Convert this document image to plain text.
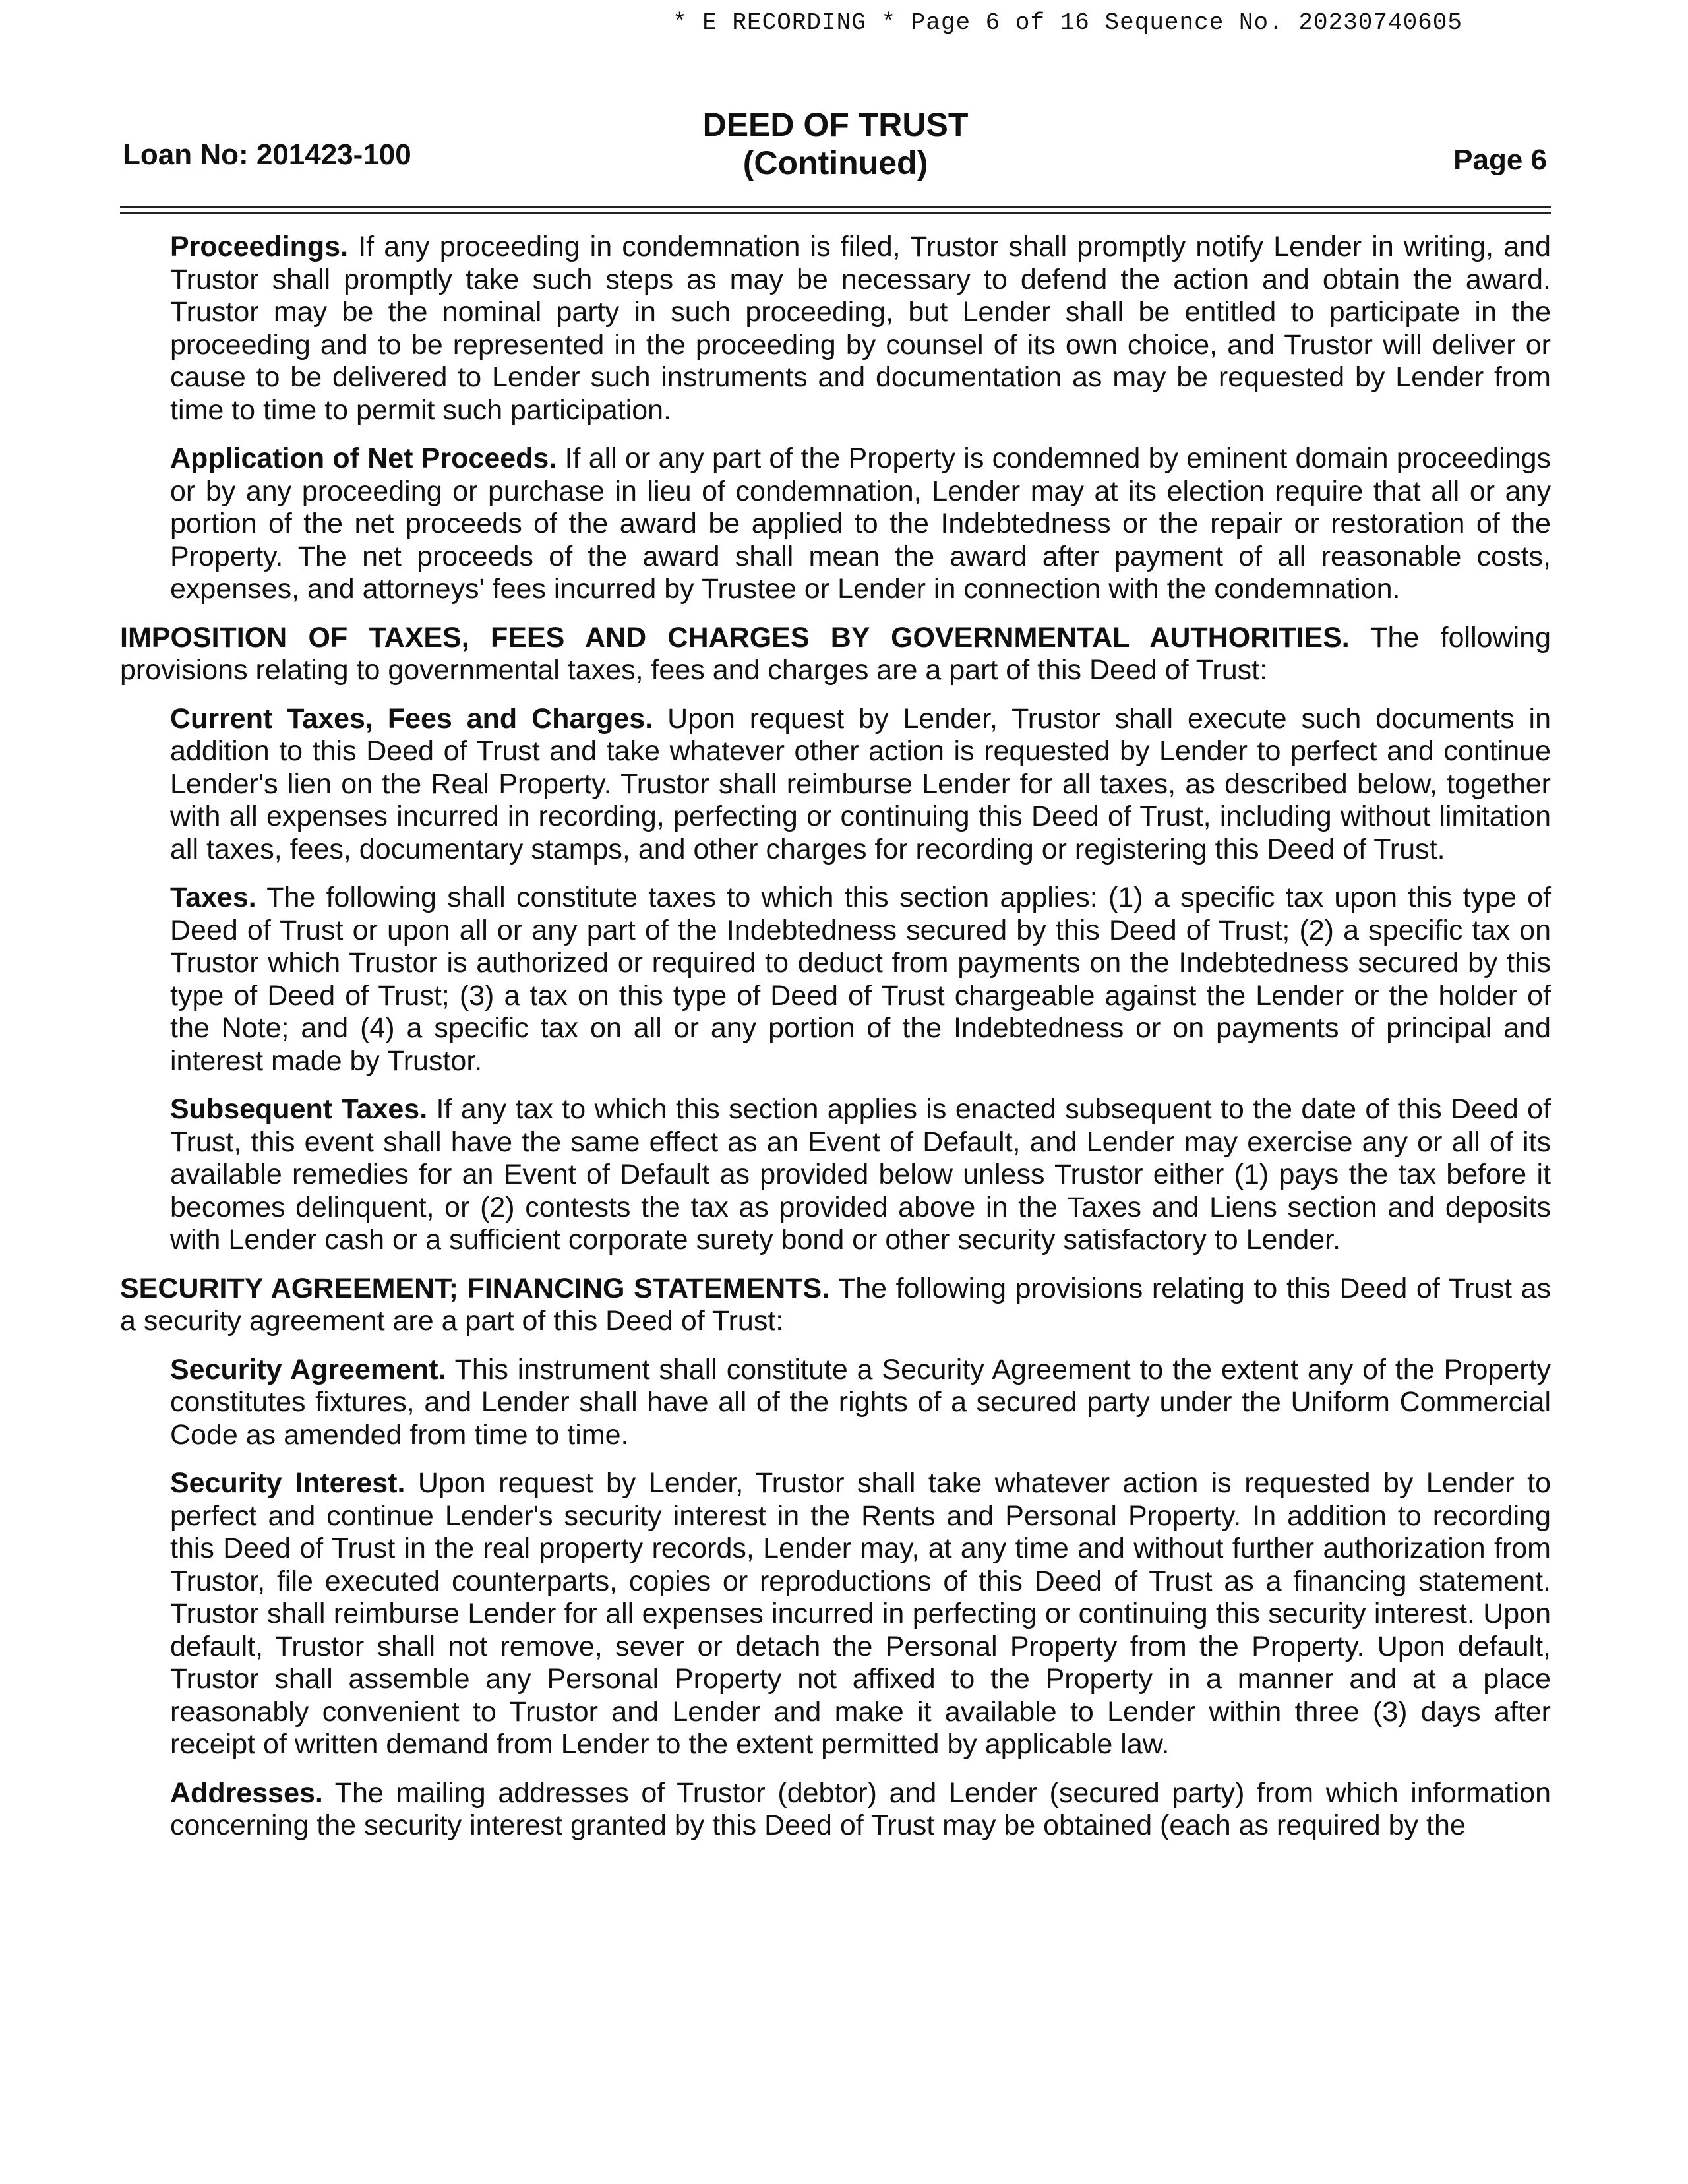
* E RECORDING * Page 6 of 16 Sequence No. 20230740605
Loan No: 201423-100
DEED OF TRUST
(Continued)	Page 6

Proceedings. If any proceeding in condemnation is filed, Trustor shall promptly notify Lender in writing, and Trustor shall promptly take such steps as may be necessary to defend the action and obtain the award. Trustor may be the nominal party in such proceeding, but Lender shall be entitled to participate in the proceeding and to be represented in the proceeding by counsel of its own choice, and Trustor will deliver or cause to be delivered to Lender such instruments and documentation as may be requested by Lender from time to time to permit such participation.

Application of Net Proceeds. If all or any part of the Property is condemned by eminent domain proceedings or by any proceeding or purchase in lieu of condemnation, Lender may at its election require that all or any portion of the net proceeds of the award be applied to the Indebtedness or the repair or restoration of the Property. The net proceeds of the award shall mean the award after payment of all reasonable costs, expenses, and attorneys' fees incurred by Trustee or Lender in connection with the condemnation.

IMPOSITION OF TAXES, FEES AND CHARGES BY GOVERNMENTAL AUTHORITIES. The following provisions relating to governmental taxes, fees and charges are a part of this Deed of Trust:

Current Taxes, Fees and Charges. Upon request by Lender, Trustor shall execute such documents in addition to this Deed of Trust and take whatever other action is requested by Lender to perfect and continue Lender's lien on the Real Property. Trustor shall reimburse Lender for all taxes, as described below, together with all expenses incurred in recording, perfecting or continuing this Deed of Trust, including without limitation all taxes, fees, documentary stamps, and other charges for recording or registering this Deed of Trust.

Taxes. The following shall constitute taxes to which this section applies: (1) a specific tax upon this type of Deed of Trust or upon all or any part of the Indebtedness secured by this Deed of Trust; (2) a specific tax on Trustor which Trustor is authorized or required to deduct from payments on the Indebtedness secured by this type of Deed of Trust; (3) a tax on this type of Deed of Trust chargeable against the Lender or the holder of the Note; and (4) a specific tax on all or any portion of the Indebtedness or on payments of principal and interest made by Trustor.

Subsequent Taxes. If any tax to which this section applies is enacted subsequent to the date of this Deed of Trust, this event shall have the same effect as an Event of Default, and Lender may exercise any or all of its available remedies for an Event of Default as provided below unless Trustor either (1) pays the tax before it becomes delinquent, or (2) contests the tax as provided above in the Taxes and Liens section and deposits with Lender cash or a sufficient corporate surety bond or other security satisfactory to Lender.

SECURITY AGREEMENT; FINANCING STATEMENTS. The following provisions relating to this Deed of Trust as a security agreement are a part of this Deed of Trust:

Security Agreement. This instrument shall constitute a Security Agreement to the extent any of the Property constitutes fixtures, and Lender shall have all of the rights of a secured party under the Uniform Commercial Code as amended from time to time.

Security Interest. Upon request by Lender, Trustor shall take whatever action is requested by Lender to perfect and continue Lender's security interest in the Rents and Personal Property. In addition to recording this Deed of Trust in the real property records, Lender may, at any time and without further authorization from Trustor, file executed counterparts, copies or reproductions of this Deed of Trust as a financing statement. Trustor shall reimburse Lender for all expenses incurred in perfecting or continuing this security interest. Upon default, Trustor shall not remove, sever or detach the Personal Property from the Property. Upon default, Trustor shall assemble any Personal Property not affixed to the Property in a manner and at a place reasonably convenient to Trustor and Lender and make it available to Lender within three (3) days after receipt of written demand from Lender to the extent permitted by applicable law.

Addresses. The mailing addresses of Trustor (debtor) and Lender (secured party) from which information concerning the security interest granted by this Deed of Trust may be obtained (each as required by the
